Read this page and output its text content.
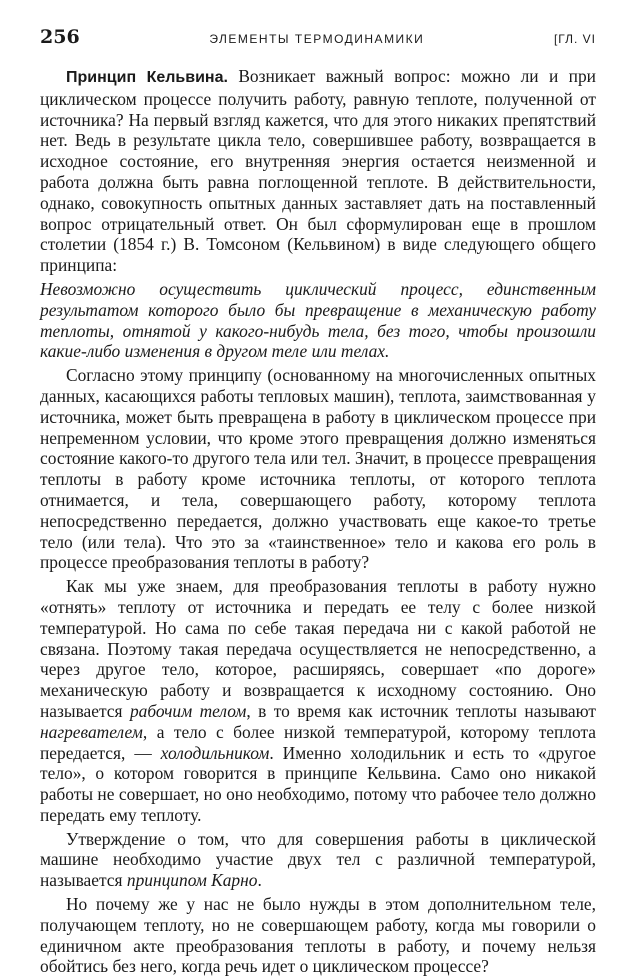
256	ЭЛЕМЕНТЫ ТЕРМОДИНАМИКИ	[ГЛ. VI

Принцип Кельвина. Возникает важный вопрос: можно ли и при циклическом процессе получить работу, равную теплоте, полученной от источника? На первый взгляд кажется, что для этого никаких препятствий нет. Ведь в результате цикла тело, совершившее работу, возвращается в исходное состояние, его внутренняя энергия остается неизменной и работа должна быть равна поглощенной теплоте. В действительности, однако, совокупность опытных данных заставляет дать на поставленный вопрос отрицательный ответ. Он был сформулирован еще в прошлом столетии (1854 г.) В. Томсоном (Кельвином) в виде следующего общего принципа:

Невозможно осуществить циклический процесс, единственным результатом которого было бы превращение в механическую работу теплоты, отнятой у какого-нибудь тела, без того, чтобы произошли какие-либо изменения в другом теле или телах.

Согласно этому принципу (основанному на многочисленных опытных данных, касающихся работы тепловых машин), теплота, заимствованная у источника, может быть превращена в работу в циклическом процессе при непременном условии, что кроме этого превращения должно изменяться состояние какого-то другого тела или тел. Значит, в процессе превращения теплоты в работу кроме источника теплоты, от которого теплота отнимается, и тела, совершающего работу, которому теплота непосредственно передается, должно участвовать еще какое-то третье тело (или тела). Что это за «таинственное» тело и какова его роль в процессе преобразования теплоты в работу?

Как мы уже знаем, для преобразования теплоты в работу нужно «отнять» теплоту от источника и передать ее телу с более низкой температурой. Но сама по себе такая передача ни с какой работой не связана. Поэтому такая передача осуществляется не непосредственно, а через другое тело, которое, расширяясь, совершает «по дороге» механическую работу и возвращается к исходному состоянию. Оно называется рабочим телом, в то время как источник теплоты называют нагревателем, а тело с более низкой температурой, которому теплота передается, — холодильником. Именно холодильник и есть то «другое тело», о котором говорится в принципе Кельвина. Само оно никакой работы не совершает, но оно необходимо, потому что рабочее тело должно передать ему теплоту.

Утверждение о том, что для совершения работы в циклической машине необходимо участие двух тел с различной температурой, называется принципом Карно.

Но почему же у нас не было нужды в этом дополнительном теле, получающем теплоту, но не совершающем работу, когда мы говорили о единичном акте преобразования теплоты в работу, и почему нельзя обойтись без него, когда речь идет о циклическом процессе?
